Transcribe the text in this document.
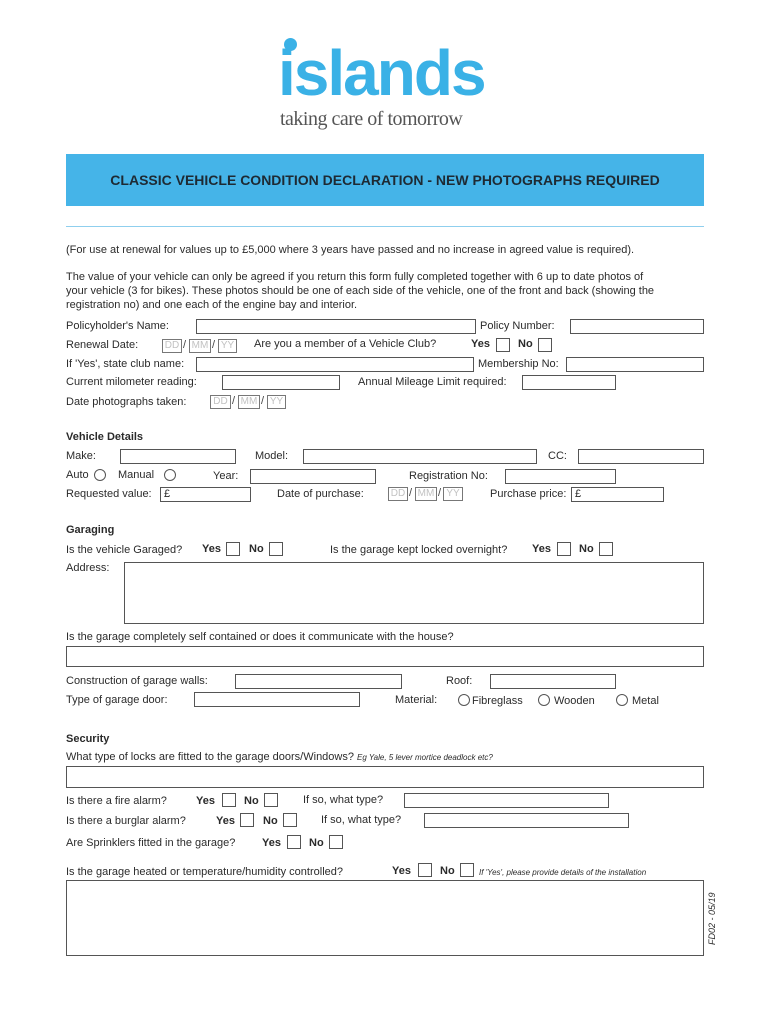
islands
taking care of tomorrow
CLASSIC VEHICLE CONDITION DECLARATION - NEW PHOTOGRAPHS REQUIRED
(For use at renewal for values up to £5,000 where 3 years have passed and no increase in agreed value is required).
The value of your vehicle can only be agreed if you return this form fully completed together with 6 up to date photos of
your vehicle (3 for bikes). These photos should be one of each side of the vehicle, one of the front and back (showing the
registration no) and one each of the engine bay and interior.
Policyholder's Name:	Policy Number:
Renewal Date:	DD / MM / YY Are you a member of a Vehicle Club?	Yes	No
If 'Yes', state club name:	Membership No:
Current milometer reading:	Annual Mileage Limit required:
Date photographs taken:	DD / MM / YY
Vehicle Details
Make:	Model:	CC:
Auto	Manual	Year:	Registration No:
Requested value: £	Date of purchase:	DD / MM / YY	Purchase price: £
Garaging
Is the vehicle Garaged? Yes	No	Is the garage kept locked overnight? Yes	No
Address:
Is the garage completely self contained or does it communicate with the house?
Construction of garage walls:	Roof:
Type of garage door:	Material:	Fibreglass	Wooden	Metal
Security
What type of locks are fitted to the garage doors/Windows? Eg Yale, 5 lever mortice deadlock etc?
Is there a fire alarm?	Yes	No	If so, what type?
Is there a burglar alarm?	Yes	No	If so, what type?
Are Sprinklers fitted in the garage? Yes	No
Is the garage heated or temperature/humidity controlled?	Yes	No	If 'Yes', please provide details of the installation
FD02 - 05/19
